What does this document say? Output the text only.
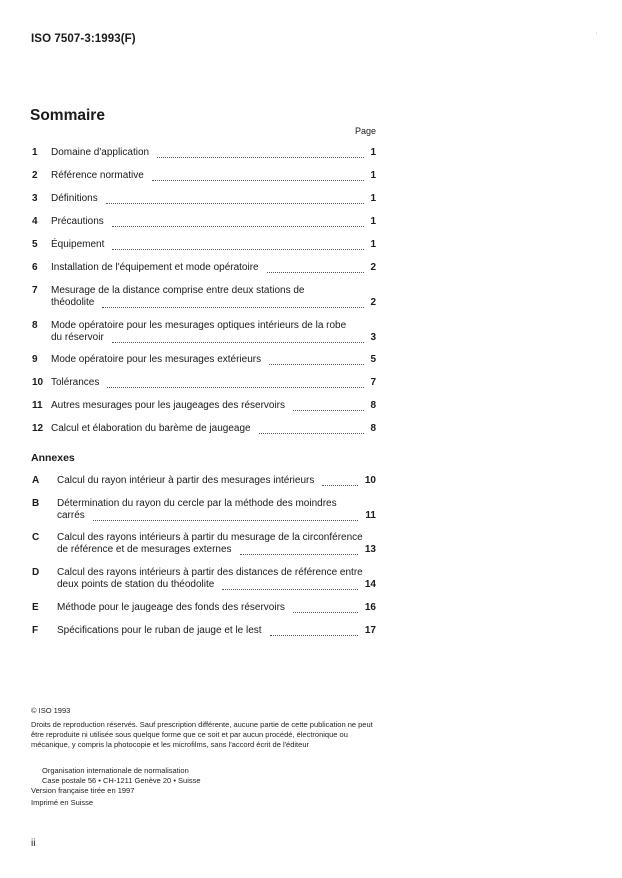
ISO 7507-3:1993(F)	'
Sommaire
Page
1 Domaine d'application	1
2 Référence normative	1
3 Définitions	1
4 Précautions	1
5 Équipement	1
6 Installation de l'équipement et mode opératoire	2
7 Mesurage de la distance comprise entre deux stations de
théodolite	2
8 Mode opératoire pour les mesurages optiques intérieurs de la robe
du réservoir	3
9 Mode opératoire pour les mesurages extérieurs	5
10 Tolérances	7
11 Autres mesurages pour les jaugeages des réservoirs	8
12 Calcul et élaboration du barème de jaugeage	8
A Calcul du rayon intérieur à partir des mesurages intérieurs	10
B Détermination du rayon du cercle par la méthode des moindres
carrés	11
C Calcul des rayons intérieurs à partir du mesurage de la circonférence
de référence et de mesurages externes	13
D Calcul des rayons intérieurs à partir des distances de référence entre
deux points de station du théodolite	14
E Méthode pour le jaugeage des fonds des réservoirs	16
F Spécifications pour le ruban de jauge et le lest	17
Annexes
© ISO 1993
Droits de reproduction réservés. Sauf prescription différente, aucune partie de cette publication ne peut être reproduite ni utilisée sous quelque forme que ce soit et par aucun procédé, électronique ou mécanique, y compris la photocopie et les microfilms, sans l'accord écrit de l'éditeur
Organisation internationale de normalisation
Case postale 56 • CH-1211 Genève 20 • Suisse
Version française tirée en 1997
Imprimé en Suisse
ii
